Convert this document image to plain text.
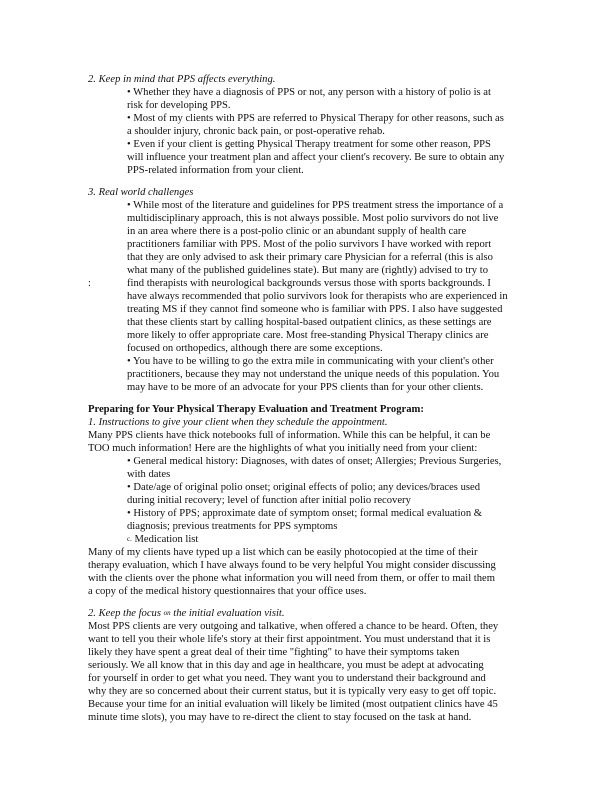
2. Keep in mind that PPS affects everything.
• Whether they have a diagnosis of PPS or not, any person with a history of polio is at
risk for developing PPS.
• Most of my clients with PPS are referred to Physical Therapy for other reasons, such as
a shoulder injury, chronic back pain, or post-operative rehab.
• Even if your client is getting Physical Therapy treatment for some other reason, PPS
will influence your treatment plan and affect your client's recovery. Be sure to obtain any
PPS-related information from your client.
3. Real world challenges
• While most of the literature and guidelines for PPS treatment stress the importance of a
multidisciplinary approach, this is not always possible. Most polio survivors do not live
in an area where there is a post-polio clinic or an abundant supply of health care
practitioners familiar with PPS. Most of the polio survivors I have worked with report
that they are only advised to ask their primary care Physician for a referral (this is also
what many of the published guidelines state). But many are (rightly) advised to try to
:	find therapists with neurological backgrounds versus those with sports backgrounds. I
have always recommended that polio survivors look for therapists who are experienced in
treating MS if they cannot find someone who is familiar with PPS. I also have suggested
that these clients start by calling hospital-based outpatient clinics, as these settings are
more likely to offer appropriate care. Most free-standing Physical Therapy clinics are
focused on orthopedics, although there are some exceptions.
• You have to be willing to go the extra mile in communicating with your client's other
practitioners, because they may not understand the unique needs of this population. You
may have to be more of an advocate for your PPS clients than for your other clients.
Preparing for Your Physical Therapy Evaluation and Treatment Program:
1. Instructions to give your client when they schedule the appointment.
Many PPS clients have thick notebooks full of information. While this can be helpful, it can be
TOO much information! Here are the highlights of what you initially need from your client:
• General medical history: Diagnoses, with dates of onset; Allergies; Previous Surgeries,
with dates
• Date/age of original polio onset; original effects of polio; any devices/braces used
during initial recovery; level of function after initial polio recovery
• History of PPS; approximate date of symptom onset; formal medical evaluation &
diagnosis; previous treatments for PPS symptoms
c. Medication list
Many of my clients have typed up a list which can be easily photocopied at the time of their
therapy evaluation, which I have always found to be very helpful You might consider discussing
with the clients over the phone what information you will need from them, or offer to mail them
a copy of the medical history questionnaires that your office uses.
2. Keep the focus on the initial evaluation visit.
Most PPS clients are very outgoing and talkative, when offered a chance to be heard. Often, they
want to tell you their whole life's story at their first appointment. You must understand that it is
likely they have spent a great deal of their time "fighting" to have their symptoms taken
seriously. We all know that in this day and age in healthcare, you must be adept at advocating
for yourself in order to get what you need. They want you to understand their background and
why they are so concerned about their current status, but it is typically very easy to get off topic.
Because your time for an initial evaluation will likely be limited (most outpatient clinics have 45
minute time slots), you may have to re-direct the client to stay focused on the task at hand.
